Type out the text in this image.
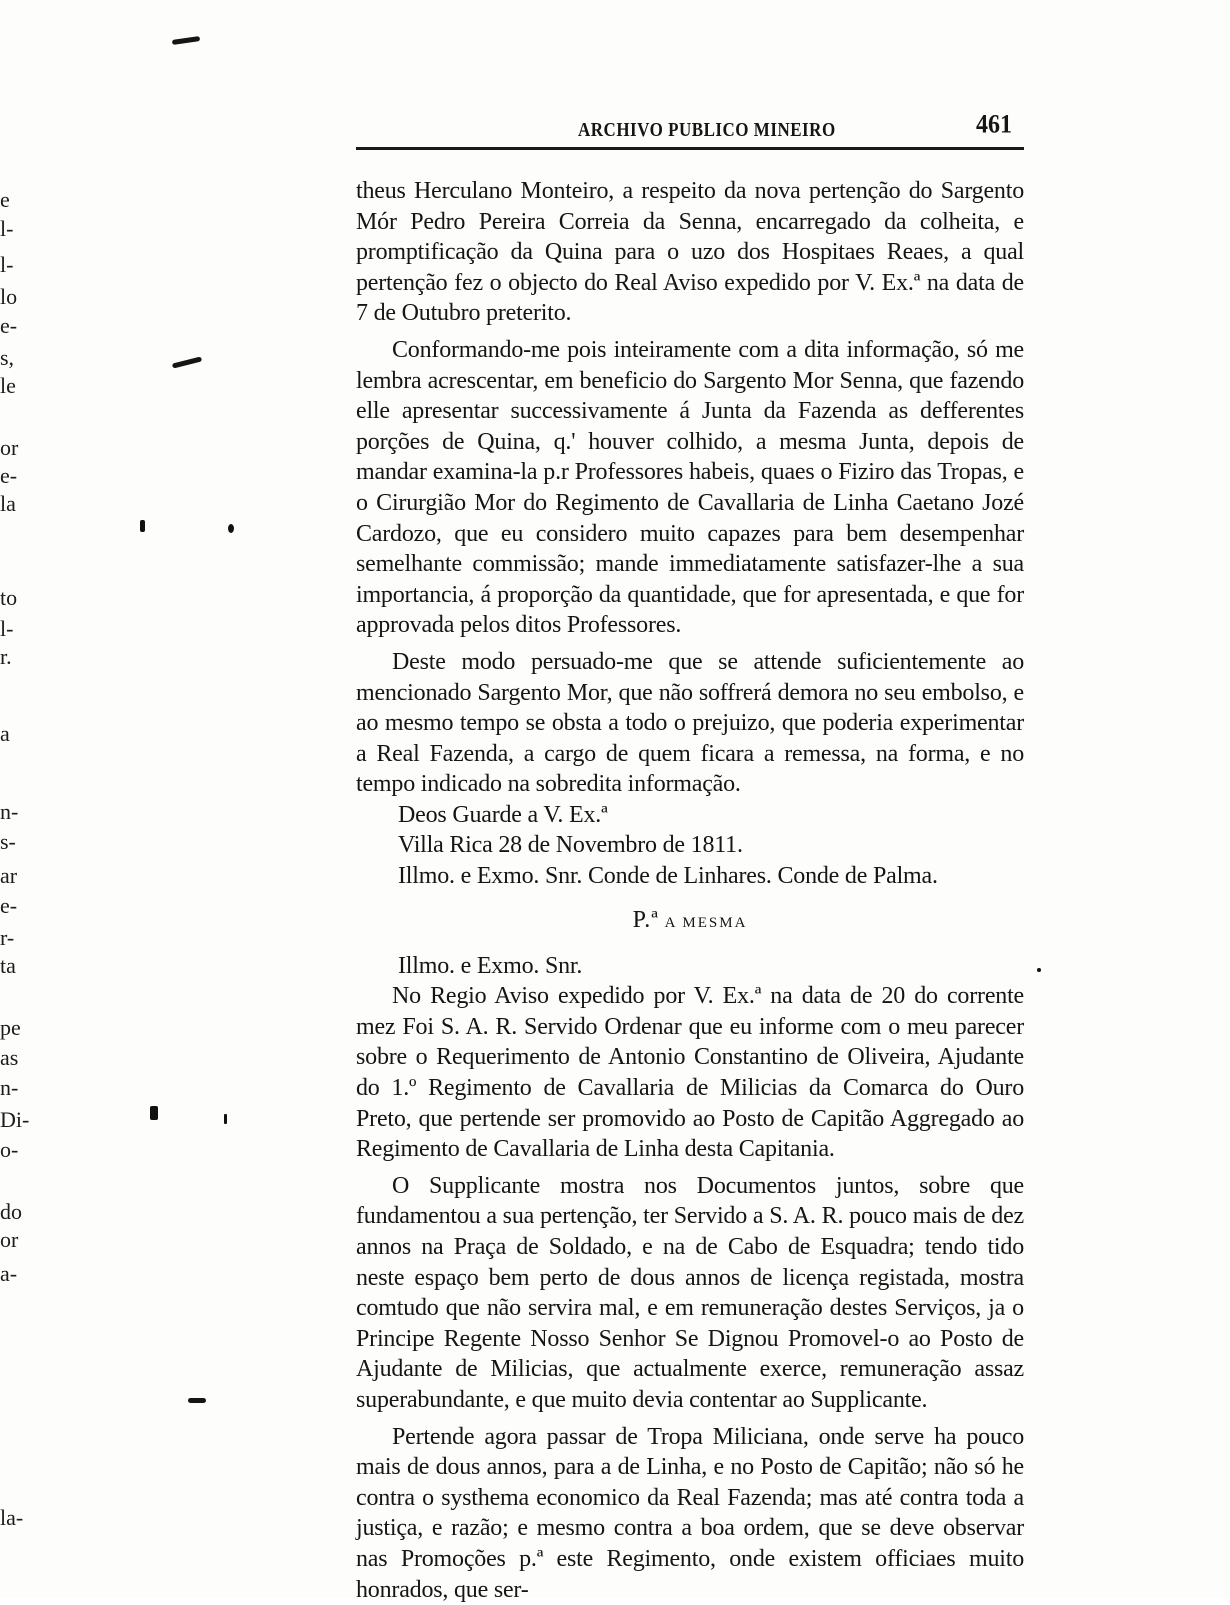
e
l-
l-
lo
e-
s,
le
or
e-
la
to
l-
r.
a
n-
s-
ar
e-
r-
ta
pe
as
n-
Di-
o-
do
or
a-
la-
ARCHIVO PUBLICO MINEIRO	461

theus Herculano Monteiro, a respeito da nova pertenção do Sargento Mór Pedro Pereira Correia da Senna, encarregado da colheita, e promptificação da Quina para o uzo dos Hospitaes Reaes, a qual pertenção fez o objecto do Real Aviso expedido por V. Ex.ª na data de 7 de Outubro preterito.

Conformando-me pois inteiramente com a dita informação, só me lembra acrescentar, em beneficio do Sargento Mor Senna, que fazendo elle apresentar successivamente á Junta da Fazenda as defferentes porções de Quina, q.' houver colhido, a mesma Junta, depois de mandar examina-la p.r Professores habeis, quaes o Fiziro das Tropas, e o Cirurgião Mor do Regimento de Cavallaria de Linha Caetano Jozé Cardozo, que eu considero muito capazes para bem desempenhar semelhante commissão; mande immediatamente satisfazer-lhe a sua importancia, á proporção da quantidade, que for apresentada, e que for approvada pelos ditos Professores.

Deste modo persuado-me que se attende suficientemente ao mencionado Sargento Mor, que não soffrerá demora no seu embolso, e ao mesmo tempo se obsta a todo o prejuizo, que poderia experimentar a Real Fazenda, a cargo de quem ficara a remessa, na forma, e no tempo indicado na sobredita informação.

Deos Guarde a V. Ex.ª

Villa Rica 28 de Novembro de 1811.

Illmo. e Exmo. Snr. Conde de Linhares. Conde de Palma.

P.ª A MESMA

Illmo. e Exmo. Snr.

No Regio Aviso expedido por V. Ex.ª na data de 20 do corrente mez Foi S. A. R. Servido Ordenar que eu informe com o meu parecer sobre o Requerimento de Antonio Constantino de Oliveira, Ajudante do 1.º Regimento de Cavallaria de Milicias da Comarca do Ouro Preto, que pertende ser promovido ao Posto de Capitão Aggregado ao Regimento de Cavallaria de Linha desta Capitania.

O Supplicante mostra nos Documentos juntos, sobre que fundamentou a sua pertenção, ter Servido a S. A. R. pouco mais de dez annos na Praça de Soldado, e na de Cabo de Esquadra; tendo tido neste espaço bem perto de dous annos de licença registada, mostra comtudo que não servira mal, e em remuneração destes Serviços, ja o Principe Regente Nosso Senhor Se Dignou Promovel-o ao Posto de Ajudante de Milicias, que actualmente exerce, remuneração assaz superabundante, e que muito devia contentar ao Supplicante.

Pertende agora passar de Tropa Miliciana, onde serve ha pouco mais de dous annos, para a de Linha, e no Posto de Capitão; não só he contra o systhema economico da Real Fazenda; mas até contra toda a justiça, e razão; e mesmo contra a boa ordem, que se deve observar nas Promoções p.ª este Regimento, onde existem officiaes muito honrados, que ser-
